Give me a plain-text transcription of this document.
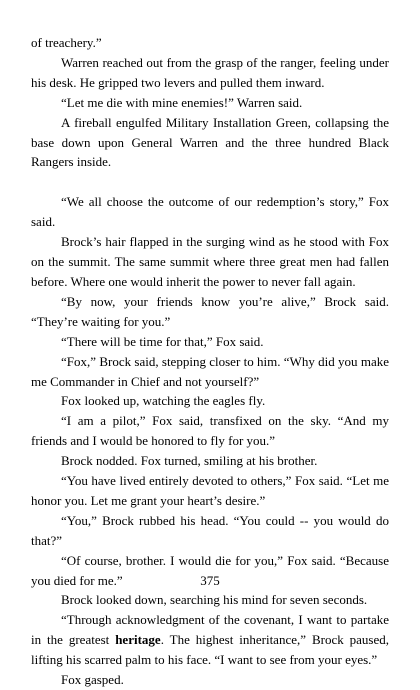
of treachery.”

Warren reached out from the grasp of the ranger, feeling under his desk. He gripped two levers and pulled them inward.

“Let me die with mine enemies!” Warren said.

A fireball engulfed Military Installation Green, collapsing the base down upon General Warren and the three hundred Black Rangers inside.

“We all choose the outcome of our redemption’s story,” Fox said.

Brock’s hair flapped in the surging wind as he stood with Fox on the summit. The same summit where three great men had fallen before. Where one would inherit the power to never fall again.

“By now, your friends know you’re alive,” Brock said. “They’re waiting for you.”

“There will be time for that,” Fox said.

“Fox,” Brock said, stepping closer to him. “Why did you make me Commander in Chief and not yourself?”

Fox looked up, watching the eagles fly.

“I am a pilot,” Fox said, transfixed on the sky. “And my friends and I would be honored to fly for you.”

Brock nodded. Fox turned, smiling at his brother.

“You have lived entirely devoted to others,” Fox said. “Let me honor you. Let me grant your heart’s desire.”

“You,” Brock rubbed his head. “You could -- you would do that?”

“Of course, brother. I would die for you,” Fox said. “Because you died for me.”

Brock looked down, searching his mind for seven seconds.

“Through acknowledgment of the covenant, I want to partake in the greatest heritage. The highest inheritance,” Brock paused, lifting his scarred palm to his face. “I want to see from your eyes.”

Fox gasped.

375
